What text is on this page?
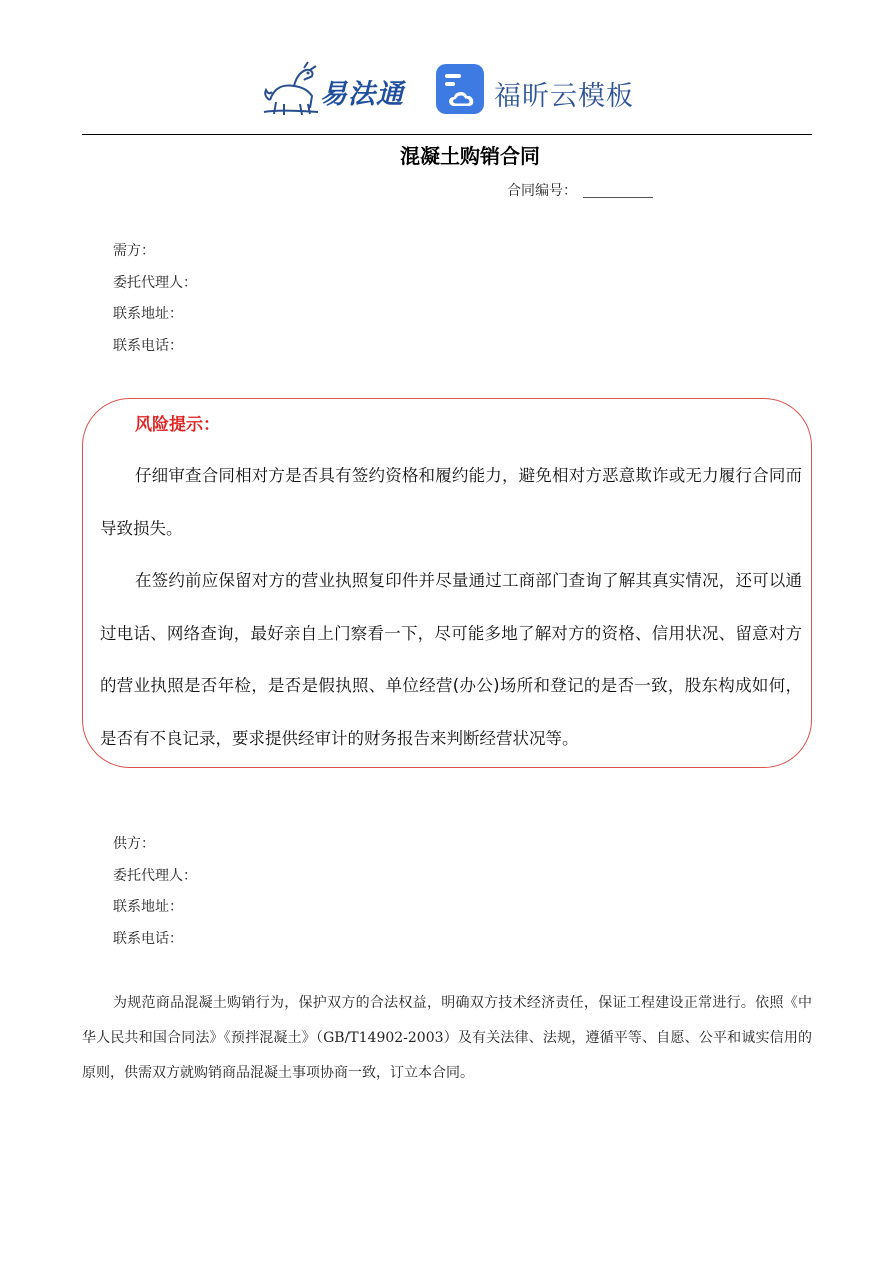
易法通	福昕云模板
混凝土购销合同
合同编号：
需方：
委托代理人：
联系地址：
联系电话：
风险提示：

仔细审查合同相对方是否具有签约资格和履约能力，避免相对方恶意欺诈或无力履行合同而导致损失。

在签约前应保留对方的营业执照复印件并尽量通过工商部门查询了解其真实情况，还可以通过电话、网络查询，最好亲自上门察看一下，尽可能多地了解对方的资格、信用状况、留意对方的营业执照是否年检，是否是假执照、单位经营(办公)场所和登记的是否一致，股东构成如何，是否有不良记录，要求提供经审计的财务报告来判断经营状况等。

供方：
委托代理人：
联系地址：
联系电话：

为规范商品混凝土购销行为，保护双方的合法权益，明确双方技术经济责任，保证工程建设正常进行。依照《中华人民共和国合同法》《预拌混凝土》（GB/T14902-2003）及有关法律、法规，遵循平等、自愿、公平和诚实信用的原则，供需双方就购销商品混凝土事项协商一致，订立本合同。
